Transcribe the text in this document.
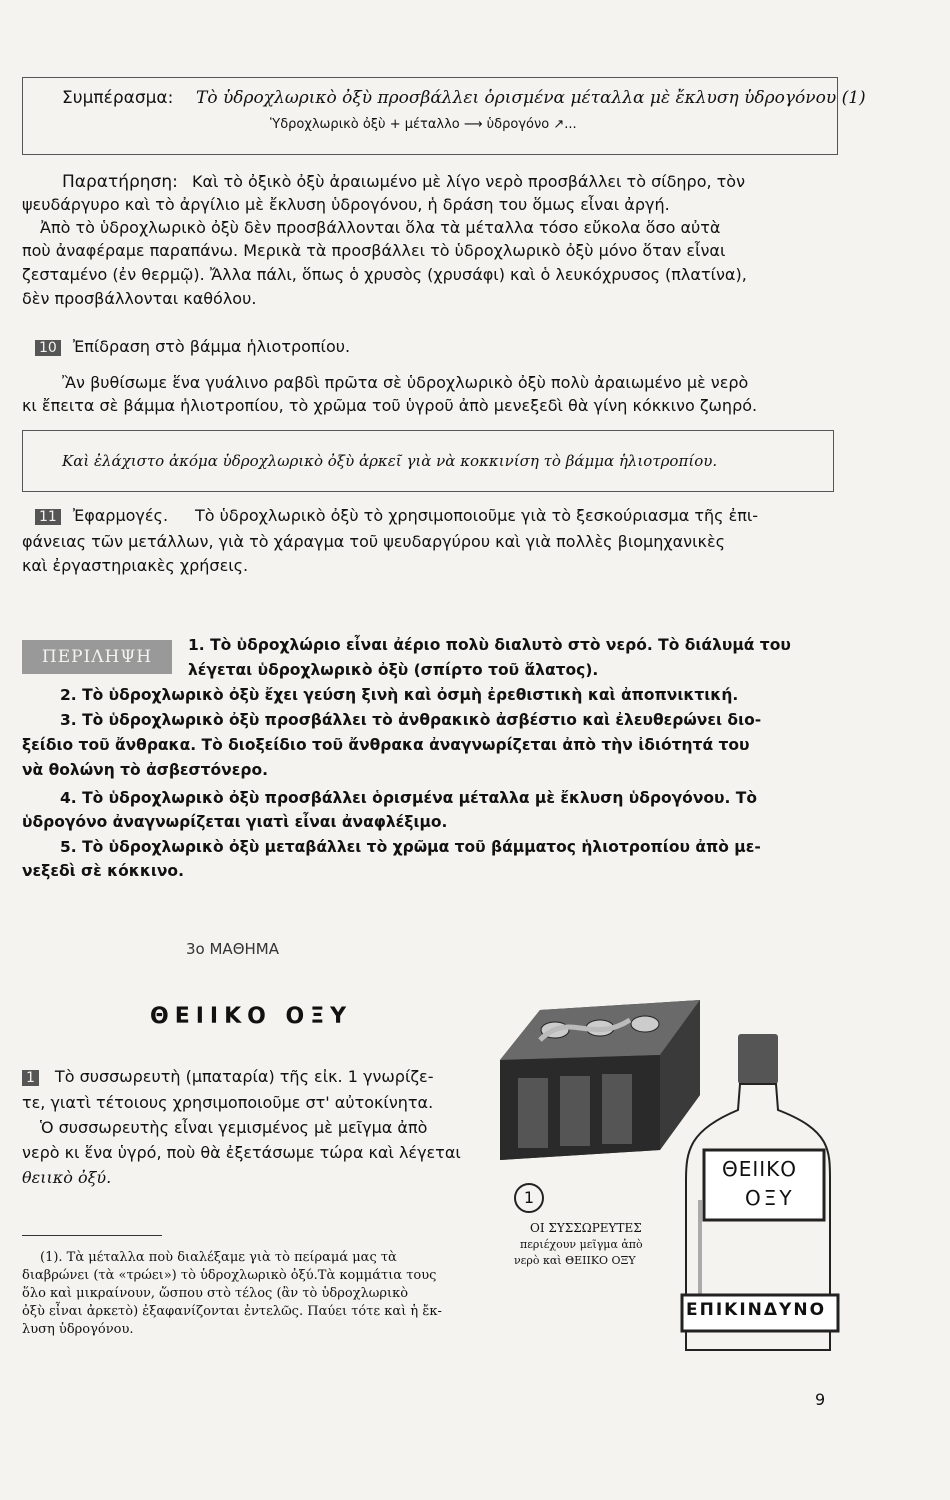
Συμπέρασμα: Τὸ ὑδροχλωρικὸ ὀξὺ προσβάλλει ὁρισμένα μέταλλα μὲ ἔκλυση ὑδρογόνου (1)
Ὑδροχλωρικὸ ὀξὺ + μέταλλο ⟶ ὑδρογόνο ↗...
Παρατήρηση: Καὶ τὸ ὀξικὸ ὀξὺ ἀραιωμένο μὲ λίγο νερὸ προσβάλλει τὸ σίδηρο, τὸν
ψευδάργυρο καὶ τὸ ἀργίλιο μὲ ἔκλυση ὑδρογόνου, ἡ δράση του ὅμως εἶναι ἀργή.
Ἀπὸ τὸ ὑδροχλωρικὸ ὀξὺ δὲν προσβάλλονται ὅλα τὰ μέταλλα τόσο εὔκολα ὅσο αὐτὰ
ποὺ ἀναφέραμε παραπάνω. Μερικὰ τὰ προσβάλλει τὸ ὑδροχλωρικὸ ὀξὺ μόνο ὅταν εἶναι
ζεσταμένο (ἐν θερμῷ). Ἄλλα πάλι, ὅπως ὁ χρυσὸς (χρυσάφι) καὶ ὁ λευκόχρυσος (πλατίνα),
δὲν προσβάλλονται καθόλου.
10 Ἐπίδραση στὸ βάμμα ἡλιοτροπίου.
Ἂν βυθίσωμε ἕνα γυάλινο ραβδὶ πρῶτα σὲ ὑδροχλωρικὸ ὀξὺ πολὺ ἀραιωμένο μὲ νερὸ
κι ἔπειτα σὲ βάμμα ἡλιοτροπίου, τὸ χρῶμα τοῦ ὑγροῦ ἀπὸ μενεξεδὶ θὰ γίνη κόκκινο ζωηρό.
Καὶ ἐλάχιστο ἀκόμα ὑδροχλωρικὸ ὀξὺ ἀρκεῖ γιὰ νὰ κοκκινίση τὸ βάμμα ἡλιοτροπίου.
11 Ἐφαρμογές. Τὸ ὑδροχλωρικὸ ὀξὺ τὸ χρησιμοποιοῦμε γιὰ τὸ ξεσκούριασμα τῆς ἐπι-
φάνειας τῶν μετάλλων, γιὰ τὸ χάραγμα τοῦ ψευδαργύρου καὶ γιὰ πολλὲς βιομηχανικὲς
καὶ ἐργαστηριακὲς χρήσεις.
ΠΕΡΙΛΗΨΗ
1. Τὸ ὑδροχλώριο εἶναι ἀέριο πολὺ διαλυτὸ στὸ νερό. Τὸ διάλυμά του
λέγεται ὑδροχλωρικὸ ὀξὺ (σπίρτο τοῦ ἅλατος).
2. Τὸ ὑδροχλωρικὸ ὀξὺ ἔχει γεύση ξινὴ καὶ ὀσμὴ ἐρεθιστικὴ καὶ ἀποπνικτική.
3. Τὸ ὑδροχλωρικὸ ὀξὺ προσβάλλει τὸ ἀνθρακικὸ ἀσβέστιο καὶ ἐλευθερώνει διο-
ξείδιο τοῦ ἄνθρακα. Τὸ διοξείδιο τοῦ ἄνθρακα ἀναγνωρίζεται ἀπὸ τὴν ἰδιότητά του
νὰ θολώνη τὸ ἀσβεστόνερο.
4. Τὸ ὑδροχλωρικὸ ὀξὺ προσβάλλει ὁρισμένα μέταλλα μὲ ἔκλυση ὑδρογόνου. Τὸ
ὑδρογόνο ἀναγνωρίζεται γιατὶ εἶναι ἀναφλέξιμο.
5. Τὸ ὑδροχλωρικὸ ὀξὺ μεταβάλλει τὸ χρῶμα τοῦ βάμματος ἡλιοτροπίου ἀπὸ με-
νεξεδὶ σὲ κόκκινο.
3ο ΜΑΘΗΜΑ
ΘΕΙΙΚΟ ΟΞΥ
1 Τὸ συσσωρευτὴ (μπαταρία) τῆς εἰκ. 1 γνωρίζε-
τε, γιατὶ τέτοιους χρησιμοποιοῦμε στ' αὐτοκίνητα.
Ὁ συσσωρευτὴς εἶναι γεμισμένος μὲ μεῖγμα ἀπὸ
νερὸ κι ἕνα ὑγρό, ποὺ θὰ ἐξετάσωμε τώρα καὶ λέγεται
θειικὸ ὀξύ.	ΘΕΙΙΚΟ
ΟΞΥ
ΕΠΙΚΙΝΔΥΝΟ
1
ΟΙ ΣΥΣΣΩΡΕΥΤΕΣ
περιέχουν μεῖγμα ἀπὸ
νερὸ καὶ ΘΕΙΙΚΟ ΟΞΥ
(1). Τὰ μέταλλα ποὺ διαλέξαμε γιὰ τὸ πείραμά μας τὰ
διαβρώνει (τὰ «τρώει») τὸ ὑδροχλωρικὸ ὀξύ.Τὰ κομμάτια τους
ὅλο καὶ μικραίνουν, ὥσπου στὸ τέλος (ἂν τὸ ὑδροχλωρικὸ
ὀξὺ εἶναι ἀρκετὸ) ἐξαφανίζονται ἐντελῶς. Παύει τότε καὶ ἡ ἔκ-
λυση ὑδρογόνου.
9
